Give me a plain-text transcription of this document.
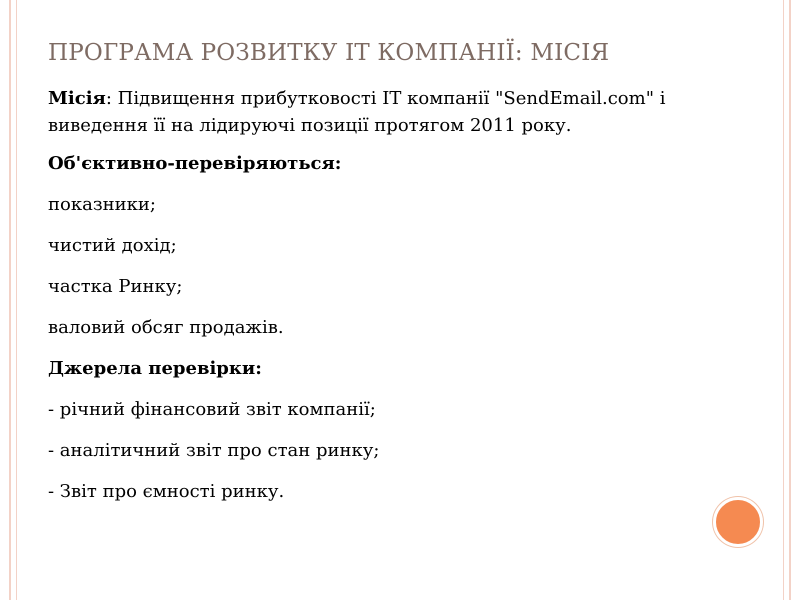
ПРОГРАМА РОЗВИТКУ ІТ КОМПАНІЇ: МІСІЯ

Місія: Підвищення прибутковості IT компанії "SendEmail.com" і виведення її на лідируючі позиції протягом 2011 року.

Об'єктивно-перевіряються:
показники;
чистий дохід;
частка Ринку;
валовий обсяг продажів.
Джерела перевірки:
- річний фінансовий звіт компанії;
- аналітичний звіт про стан ринку;
- Звіт про ємності ринку.
